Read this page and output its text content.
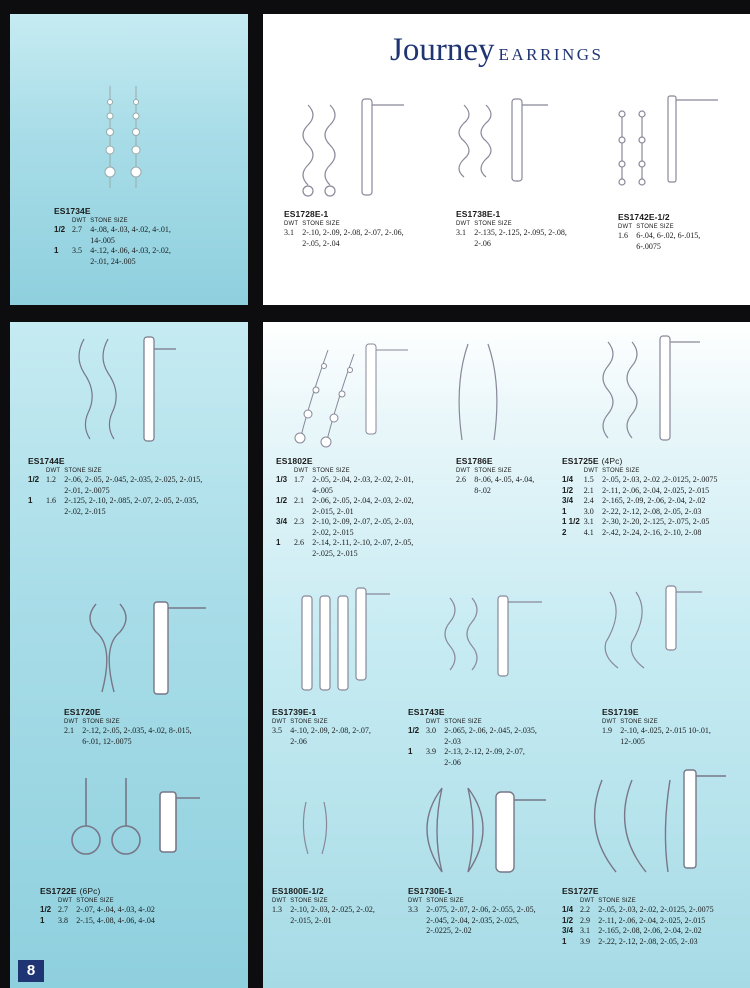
Journey EARRINGS
ES1734E
	DWT	STONE SIZE
1/2	2.7	4-.08, 4-.03, 4-.02, 4-.01, 14-.005
1	3.5	4-.12, 4-.06, 4-.03, 2-.02, 2-.01, 24-.005
ES1728E-1
DWT	STONE SIZE
3.1	2-.10, 2-.09, 2-.08, 2-.07, 2-.06, 2-.05, 2-.04
ES1738E-1
DWT	STONE SIZE
3.1	2-.135, 2-.125, 2-.095, 2-.08, 2-.06
ES1742E-1/2
DWT	STONE SIZE
1.6	6-.04, 6-.02, 6-.015, 6-.0075
ES1744E
	DWT	STONE SIZE
1/2	1.2	2-.06, 2-.05, 2-.045, 2-.035, 2-.025, 2-.015, 2-.01, 2-.0075
1	1.6	2-.125, 2-.10, 2-.085, 2-.07, 2-.05, 2-.035, 2-.02, 2-.015
ES1802E
	DWT	STONE SIZE
1/3	1.7	2-.05, 2-.04, 2-.03, 2-.02, 2-.01, 4-.005
1/2	2.1	2-.06, 2-.05, 2-.04, 2-.03, 2-.02, 2-.015, 2-.01
3/4	2.3	2-.10, 2-.09, 2-.07, 2-.05, 2-.03, 2-.02, 2-.015
1	2.6	2-.14, 2-.11, 2-.10, 2-.07, 2-.05, 2-.025, 2-.015
ES1786E
DWT	STONE SIZE
2.6	8-.06, 4-.05, 4-.04, 8-.02
ES1725E (4Pc)
	DWT	STONE SIZE
1/4	1.5	2-.05, 2-.03, 2-.02 ,2-.0125, 2-.0075
1/2	2.1	2-.11, 2-.06, 2-.04, 2-.025, 2-.015
3/4	2.4	2-.165, 2-.09, 2-.06, 2-.04, 2-.02
1	3.0	2-.22, 2-.12, 2-.08, 2-.05, 2-.03
1 1/2	3.1	2-.30, 2-.20, 2-.125, 2-.075, 2-.05
2	4.1	2-.42, 2-.24, 2-.16, 2-.10, 2-.08
ES1720E
DWT	STONE SIZE
2.1	2-.12, 2-.05, 2-.035, 4-.02, 8-.015, 6-.01, 12-.0075
ES1739E-1
DWT	STONE SIZE
3.5	4-.10, 2-.09, 2-.08, 2-.07, 2-.06
ES1743E
	DWT	STONE SIZE
1/2	3.0	2-.065, 2-.06, 2-.045, 2-.035, 2-.03
1	3.9	2-.13, 2-.12, 2-.09, 2-.07, 2-.06
ES1719E
DWT	STONE SIZE
1.9	2-.10, 4-.025, 2-.015 10-.01, 12-.005
ES1722E (6Pc)
	DWT	STONE SIZE
1/2	2.7	2-.07, 4-.04, 4-.03, 4-.02
1	3.8	2-.15, 4-.08, 4-.06, 4-.04
ES1800E-1/2
DWT	STONE SIZE
1.3	2-.10, 2-.03, 2-.025, 2-.02, 2-.015, 2-.01
ES1730E-1
DWT	STONE SIZE
3.3	2-.075, 2-.07, 2-.06, 2-.055, 2-.05, 2-.045, 2-.04, 2-.035, 2-.025, 2-.0225, 2-.02
ES1727E
	DWT	STONE SIZE
1/4	2.2	2-.05, 2-.03, 2-.02, 2-.0125, 2-.0075
1/2	2.9	2-.11, 2-.06, 2-.04, 2-.025, 2-.015
3/4	3.1	2-.165, 2-.08, 2-.06, 2-.04, 2-.02
1	3.9	2-.22, 2-.12, 2-.08, 2-.05, 2-.03
8
